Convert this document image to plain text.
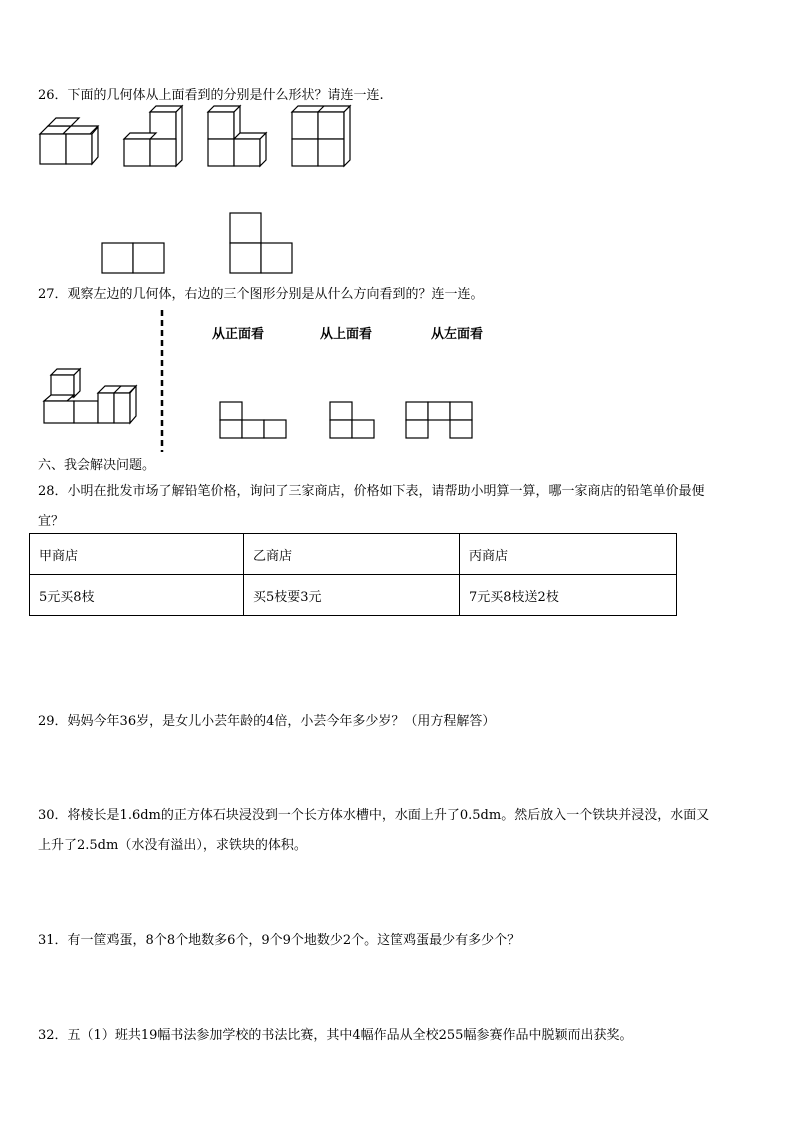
26．下面的几何体从上面看到的分别是什么形状？请连一连.
27．观察左边的几何体，右边的三个图形分别是从什么方向看到的？连一连。
从正面看	从上面看	从左面看
六、我会解决问题。
28．小明在批发市场了解铅笔价格，询问了三家商店，价格如下表，请帮助小明算一算，哪一家商店的铅笔单价最便
宜？
甲商店	乙商店	丙商店
5元买8枝	买5枝要3元	7元买8枝送2枝
29．妈妈今年36岁，是女儿小芸年龄的4倍，小芸今年多少岁？（用方程解答）
30．将棱长是1.6dm的正方体石块浸没到一个长方体水槽中，水面上升了0.5dm。然后放入一个铁块并浸没，水面又
上升了2.5dm（水没有溢出），求铁块的体积。
31．有一筐鸡蛋，8个8个地数多6个，9个9个地数少2个。这筐鸡蛋最少有多少个？
32．五（1）班共19幅书法参加学校的书法比赛，其中4幅作品从全校255幅参赛作品中脱颖而出获奖。
